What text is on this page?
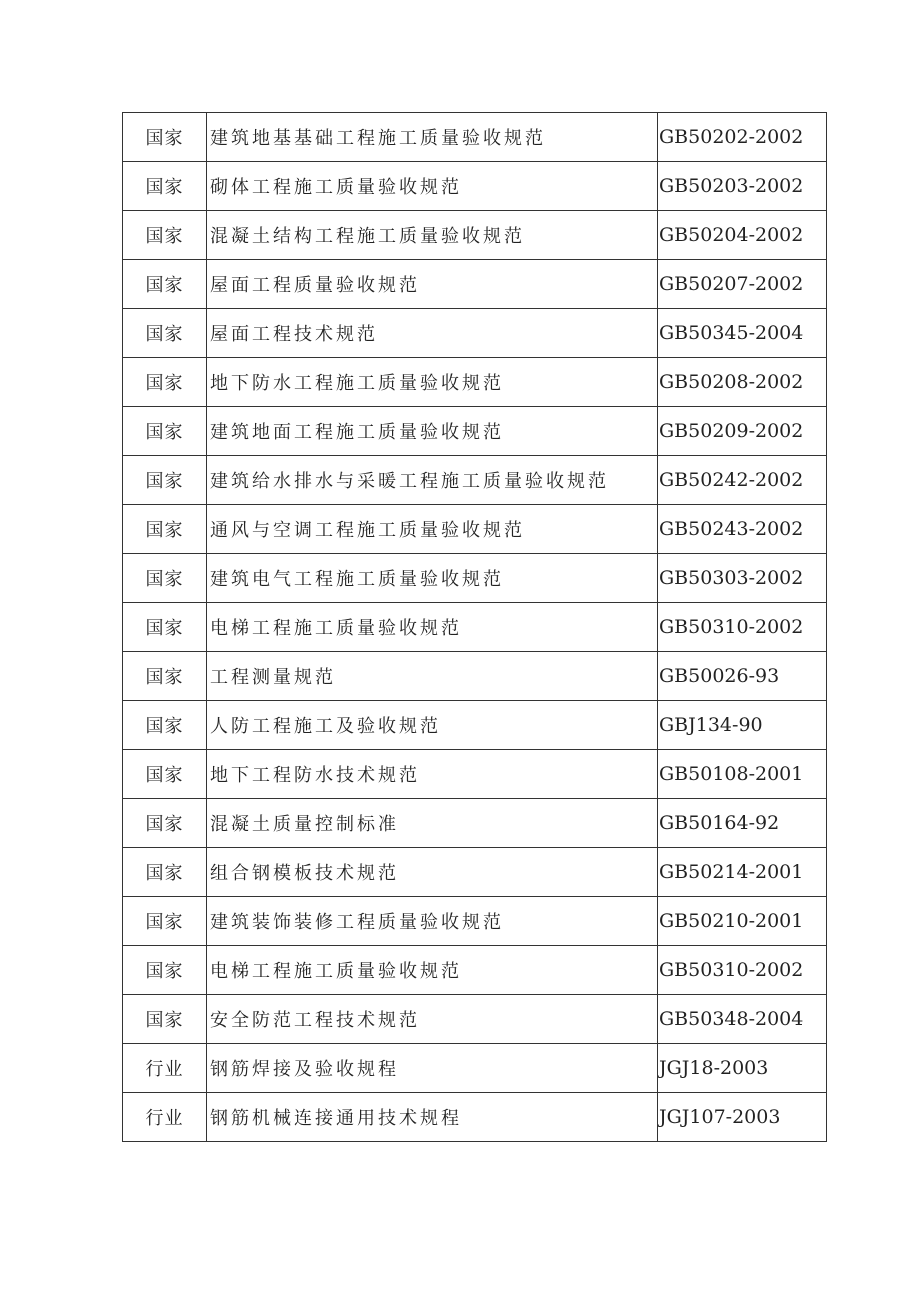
国家	建筑地基基础工程施工质量验收规范	GB50202-2002
国家	砌体工程施工质量验收规范	GB50203-2002
国家	混凝土结构工程施工质量验收规范	GB50204-2002
国家	屋面工程质量验收规范	GB50207-2002
国家	屋面工程技术规范	GB50345-2004
国家	地下防水工程施工质量验收规范	GB50208-2002
国家	建筑地面工程施工质量验收规范	GB50209-2002
国家	建筑给水排水与采暖工程施工质量验收规范	GB50242-2002
国家	通风与空调工程施工质量验收规范	GB50243-2002
国家	建筑电气工程施工质量验收规范	GB50303-2002
国家	电梯工程施工质量验收规范	GB50310-2002
国家	工程测量规范	GB50026-93
国家	人防工程施工及验收规范	GBJ134-90
国家	地下工程防水技术规范	GB50108-2001
国家	混凝土质量控制标准	GB50164-92
国家	组合钢模板技术规范	GB50214-2001
国家	建筑装饰装修工程质量验收规范	GB50210-2001
国家	电梯工程施工质量验收规范	GB50310-2002
国家	安全防范工程技术规范	GB50348-2004
行业	钢筋焊接及验收规程	JGJ18-2003
行业	钢筋机械连接通用技术规程	JGJ107-2003
